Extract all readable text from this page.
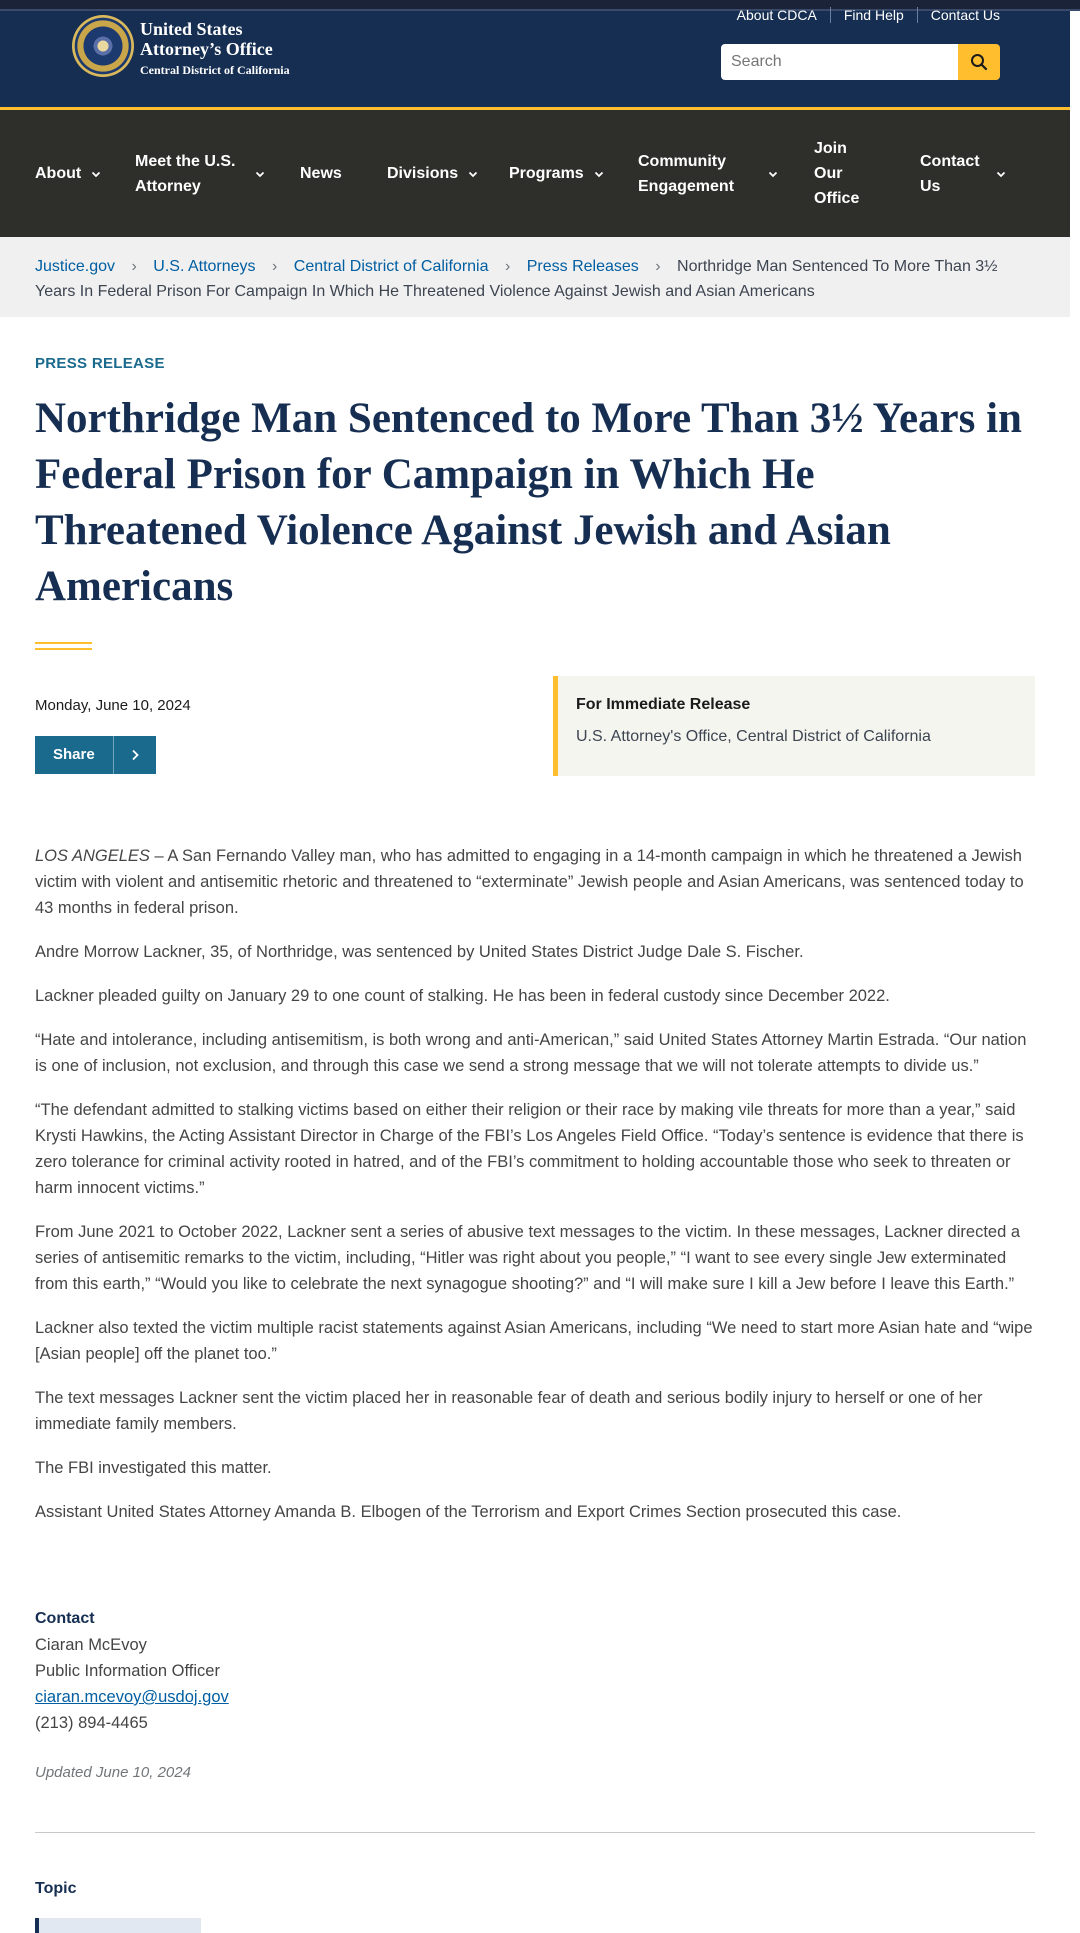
United States
Attorney’s Office
Central District of California
About CDCA	Find Help	Contact Us
Search
About
Meet the U.S. Attorney
News	Divisions	Programs
Community Engagement
Join Our Office
Contact Us
Justice.gov › U.S. Attorneys › Central District of California › Press Releases › Northridge Man Sentenced To More Than 3½ Years In Federal Prison For Campaign In Which He Threatened Violence Against Jewish and Asian Americans
PRESS RELEASE
Northridge Man Sentenced to More Than 3½ Years in Federal Prison for Campaign in Which He Threatened Violence Against Jewish and Asian Americans
Monday, June 10, 2024
Share
For Immediate Release
U.S. Attorney's Office, Central District of California

LOS ANGELES – A San Fernando Valley man, who has admitted to engaging in a 14-month campaign in which he threatened a Jewish victim with violent and antisemitic rhetoric and threatened to “exterminate” Jewish people and Asian Americans, was sentenced today to 43 months in federal prison.

Andre Morrow Lackner, 35, of Northridge, was sentenced by United States District Judge Dale S. Fischer.

Lackner pleaded guilty on January 29 to one count of stalking. He has been in federal custody since December 2022.

“Hate and intolerance, including antisemitism, is both wrong and anti-American,” said United States Attorney Martin Estrada. “Our nation is one of inclusion, not exclusion, and through this case we send a strong message that we will not tolerate attempts to divide us.”

“The defendant admitted to stalking victims based on either their religion or their race by making vile threats for more than a year,” said Krysti Hawkins, the Acting Assistant Director in Charge of the FBI’s Los Angeles Field Office. “Today’s sentence is evidence that there is zero tolerance for criminal activity rooted in hatred, and of the FBI’s commitment to holding accountable those who seek to threaten or harm innocent victims.”

From June 2021 to October 2022, Lackner sent a series of abusive text messages to the victim. In these messages, Lackner directed a series of antisemitic remarks to the victim, including, “Hitler was right about you people,” “I want to see every single Jew exterminated from this earth,” “Would you like to celebrate the next synagogue shooting?” and “I will make sure I kill a Jew before I leave this Earth.”

Lackner also texted the victim multiple racist statements against Asian Americans, including “We need to start more Asian hate and “wipe [Asian people] off the planet too.”

The text messages Lackner sent the victim placed her in reasonable fear of death and serious bodily injury to herself or one of her immediate family members.

The FBI investigated this matter.

Assistant United States Attorney Amanda B. Elbogen of the Terrorism and Export Crimes Section prosecuted this case.

Contact
Ciaran McEvoy
Public Information Officer
ciaran.mcevoy@usdoj.gov
(213) 894-4465
Updated June 10, 2024
Topic
